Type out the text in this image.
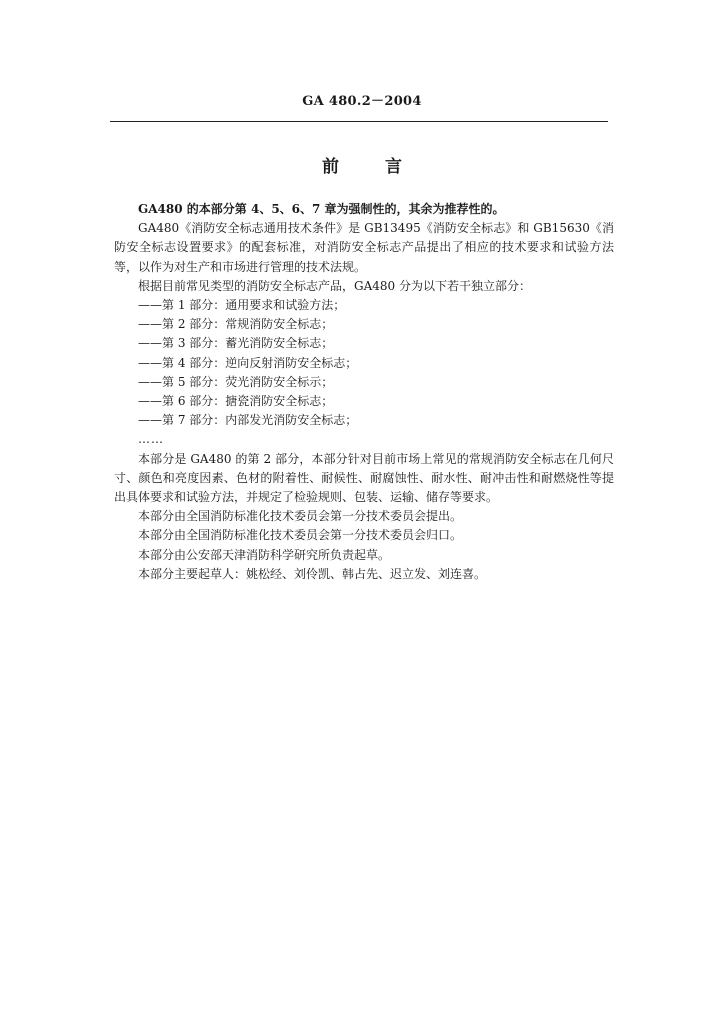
GA 480.2－2004
前	言

GA480 的本部分第 4、5、6、7 章为强制性的，其余为推荐性的。

GA480《消防安全标志通用技术条件》是 GB13495《消防安全标志》和 GB15630《消防安全标志设置要求》的配套标准，对消防安全标志产品提出了相应的技术要求和试验方法等，以作为对生产和市场进行管理的技术法规。

根据目前常见类型的消防安全标志产品，GA480 分为以下若干独立部分：

——第 1 部分：通用要求和试验方法；

——第 2 部分：常规消防安全标志；

——第 3 部分：蓄光消防安全标志；

——第 4 部分：逆向反射消防安全标志；

——第 5 部分：荧光消防安全标示；

——第 6 部分：搪瓷消防安全标志；

——第 7 部分：内部发光消防安全标志；

……

本部分是 GA480 的第 2 部分，本部分针对目前市场上常见的常规消防安全标志在几何尺寸、颜色和亮度因素、色材的附着性、耐候性、耐腐蚀性、耐水性、耐冲击性和耐燃烧性等提出具体要求和试验方法，并规定了检验规则、包装、运输、储存等要求。

本部分由全国消防标准化技术委员会第一分技术委员会提出。

本部分由全国消防标准化技术委员会第一分技术委员会归口。

本部分由公安部天津消防科学研究所负责起草。

本部分主要起草人：姚松经、刘伶凯、韩占先、迟立发、刘连喜。
